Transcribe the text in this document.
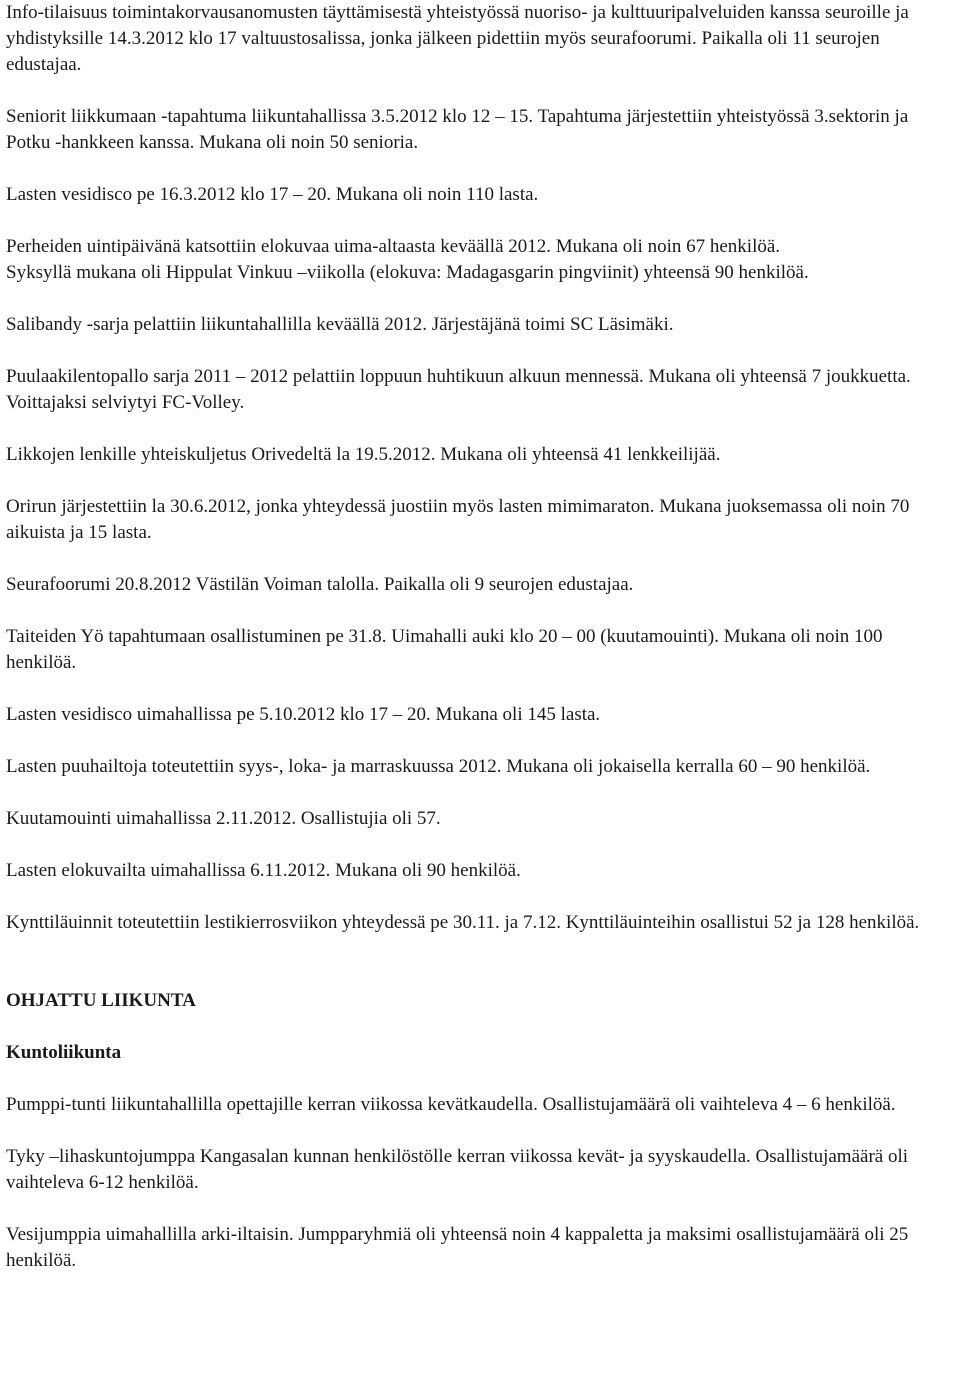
Info-tilaisuus toimintakorvausanomusten täyttämisestä yhteistyössä nuoriso- ja kulttuuripalveluiden kanssa seuroille ja yhdistyksille 14.3.2012 klo 17 valtuustosalissa, jonka jälkeen pidettiin myös seurafoorumi. Paikalla oli 11 seurojen edustajaa.

Seniorit liikkumaan -tapahtuma liikuntahallissa 3.5.2012 klo 12 – 15. Tapahtuma järjestettiin yhteistyössä 3.sektorin ja Potku -hankkeen kanssa. Mukana oli noin 50 senioria.

Lasten vesidisco pe 16.3.2012 klo 17 – 20. Mukana oli noin 110 lasta.

Perheiden uintipäivänä katsottiin elokuvaa uima-altaasta keväällä 2012. Mukana oli noin 67 henkilöä.

Syksyllä mukana oli Hippulat Vinkuu –viikolla (elokuva: Madagasgarin pingviinit) yhteensä 90 henkilöä.

Salibandy -sarja pelattiin liikuntahallilla keväällä 2012. Järjestäjänä toimi SC Läsimäki.

Puulaakilentopallo sarja 2011 – 2012 pelattiin loppuun huhtikuun alkuun mennessä. Mukana oli yhteensä 7 joukkuetta. Voittajaksi selviytyi FC-Volley.

Likkojen lenkille yhteiskuljetus Orivedeltä la 19.5.2012. Mukana oli yhteensä 41 lenkkeilijää.

Orirun järjestettiin la 30.6.2012, jonka yhteydessä juostiin myös lasten mimimaraton. Mukana juoksemassa oli noin 70 aikuista ja 15 lasta.

Seurafoorumi 20.8.2012 Västilän Voiman talolla. Paikalla oli 9 seurojen edustajaa.

Taiteiden Yö tapahtumaan osallistuminen pe 31.8. Uimahalli auki klo 20 – 00 (kuutamouinti). Mukana oli noin 100 henkilöä.

Lasten vesidisco uimahallissa pe 5.10.2012 klo 17 – 20. Mukana oli 145 lasta.

Lasten puuhailtoja toteutettiin syys-, loka- ja marraskuussa 2012. Mukana oli jokaisella kerralla 60 – 90 henkilöä.

Kuutamouinti uimahallissa 2.11.2012. Osallistujia oli 57.

Lasten elokuvailta uimahallissa 6.11.2012. Mukana oli 90 henkilöä.

Kynttiläuinnit toteutettiin lestikierrosviikon yhteydessä pe 30.11. ja 7.12. Kynttiläuinteihin osallistui 52 ja 128 henkilöä.

OHJATTU LIIKUNTA

Kuntoliikunta

Pumppi-tunti liikuntahallilla opettajille kerran viikossa kevätkaudella. Osallistujamäärä oli vaihteleva 4 – 6 henkilöä.

Tyky –lihaskuntojumppa Kangasalan kunnan henkilöstölle kerran viikossa kevät- ja syyskaudella. Osallistujamäärä oli vaihteleva 6-12 henkilöä.

Vesijumppia uimahallilla arki-iltaisin. Jumpparyhmiä oli yhteensä noin 4 kappaletta ja maksimi osallistujamäärä oli 25 henkilöä.
